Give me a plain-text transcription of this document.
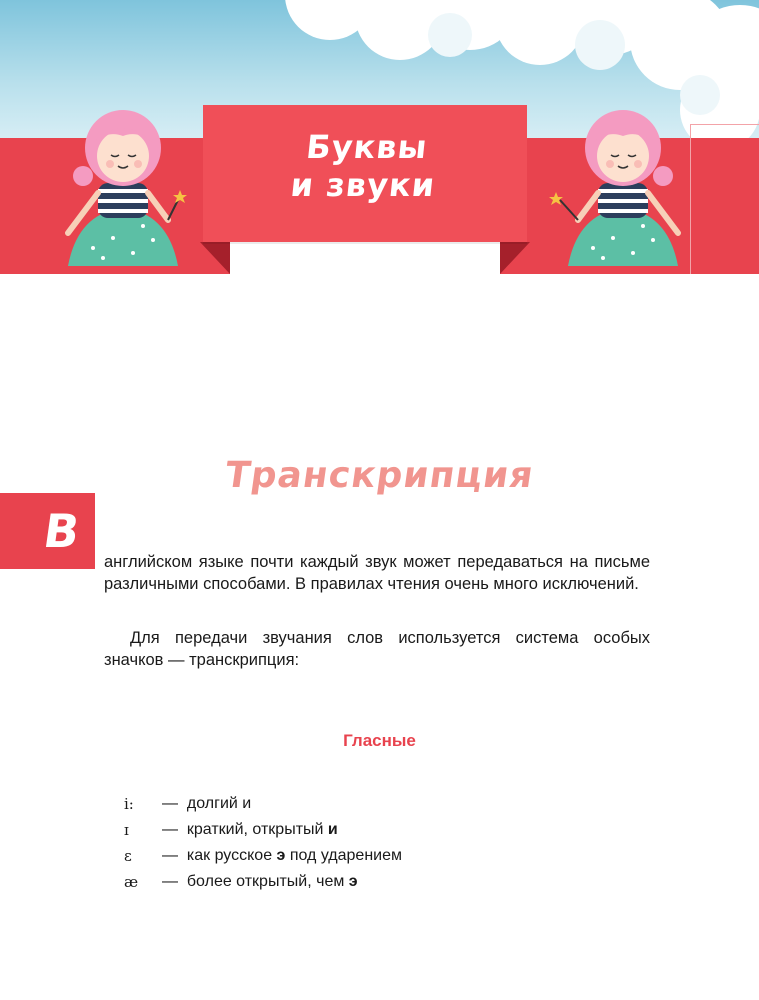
Буквы
и звуки
Транскрипция
В

английском языке почти каждый звук может передаваться на письме различными способами. В правилах чтения очень много исключений.

Для передачи звучания слов используется система особых значков — транскрипция:

Гласные
i:	— долгий и
ɪ	— краткий, открытый и
ɛ	— как русское э под ударением
æ	— более открытый, чем э
